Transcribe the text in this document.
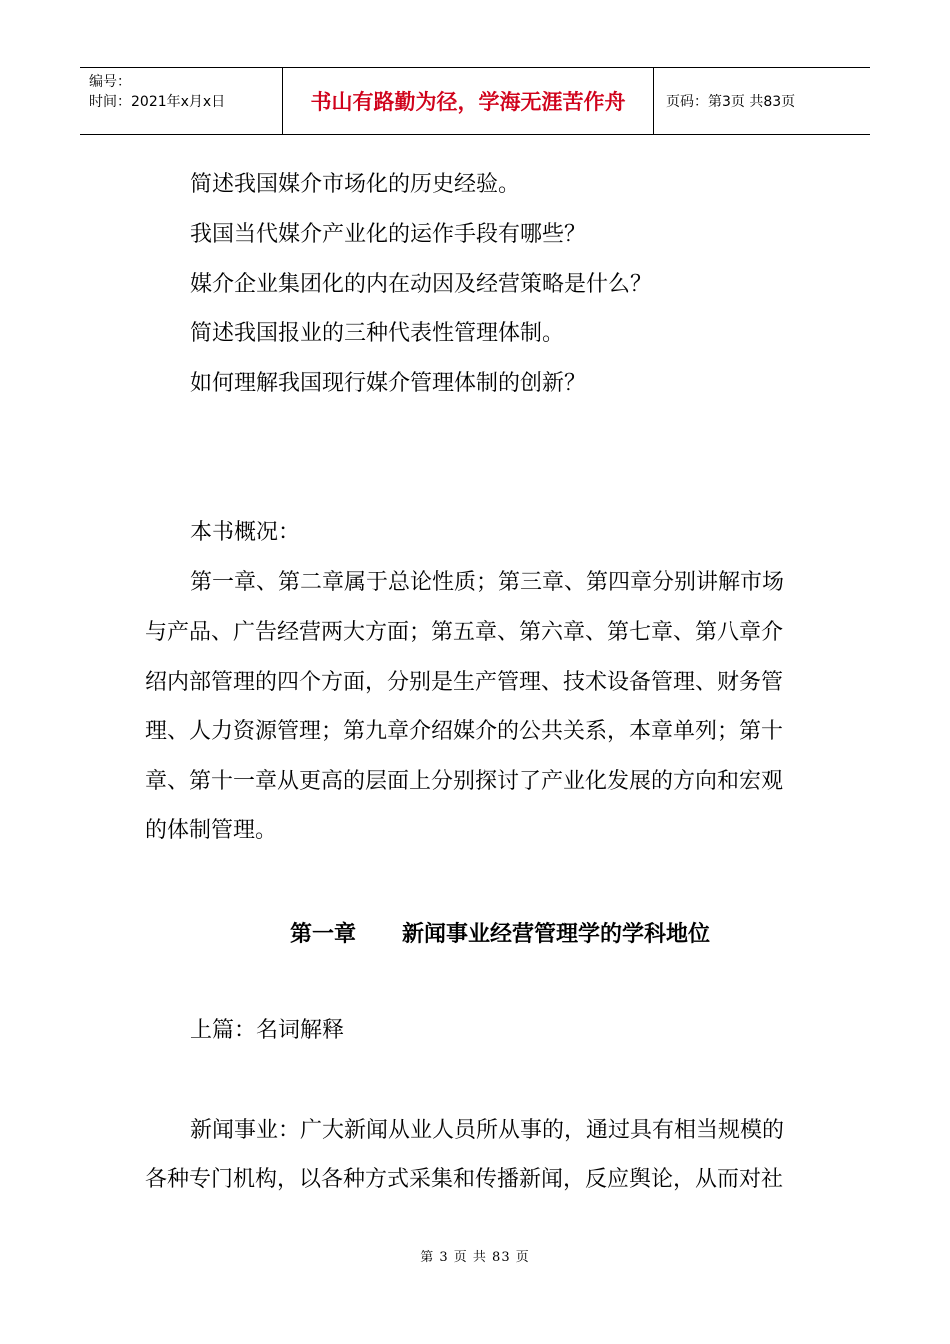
编号：
时间：2021年x月x日	书山有路勤为径，学海无涯苦作舟	页码：第3页 共83页
简述我国媒介市场化的历史经验。
我国当代媒介产业化的运作手段有哪些？
媒介企业集团化的内在动因及经营策略是什么？
简述我国报业的三种代表性管理体制。
如何理解我国现行媒介管理体制的创新？
本书概况：
第一章、第二章属于总论性质；第三章、第四章分别讲解市场
与产品、广告经营两大方面；第五章、第六章、第七章、第八章介
绍内部管理的四个方面，分别是生产管理、技术设备管理、财务管
理、人力资源管理；第九章介绍媒介的公共关系，本章单列；第十
章、第十一章从更高的层面上分别探讨了产业化发展的方向和宏观
的体制管理。
第一章      新闻事业经营管理学的学科地位
上篇：名词解释
新闻事业：广大新闻从业人员所从事的，通过具有相当规模的
各种专门机构，以各种方式采集和传播新闻，反应舆论，从而对社
第 3 页 共 83 页
